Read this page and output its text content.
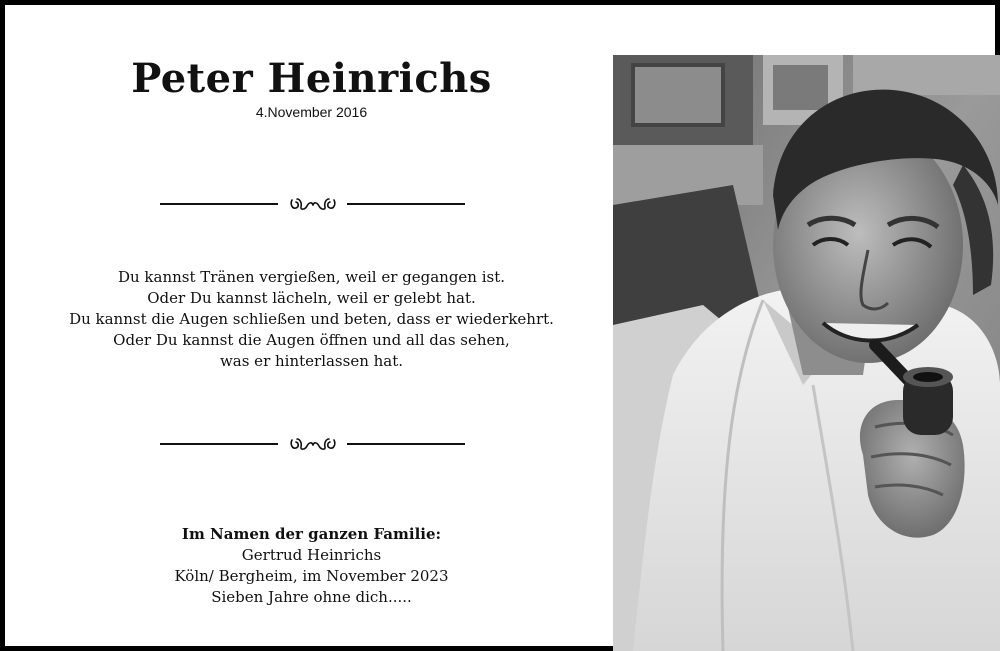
Peter Heinrichs
4.November 2016
Du kannst Tränen vergießen, weil er gegangen ist.
Oder Du kannst lächeln, weil er gelebt hat.
Du kannst die Augen schließen und beten, dass er wiederkehrt.
Oder Du kannst die Augen öffnen und all das sehen,
was er hinterlassen hat.
Im Namen der ganzen Familie:
Gertrud Heinrichs
Köln/ Bergheim, im November 2023
Sieben Jahre ohne dich.....
